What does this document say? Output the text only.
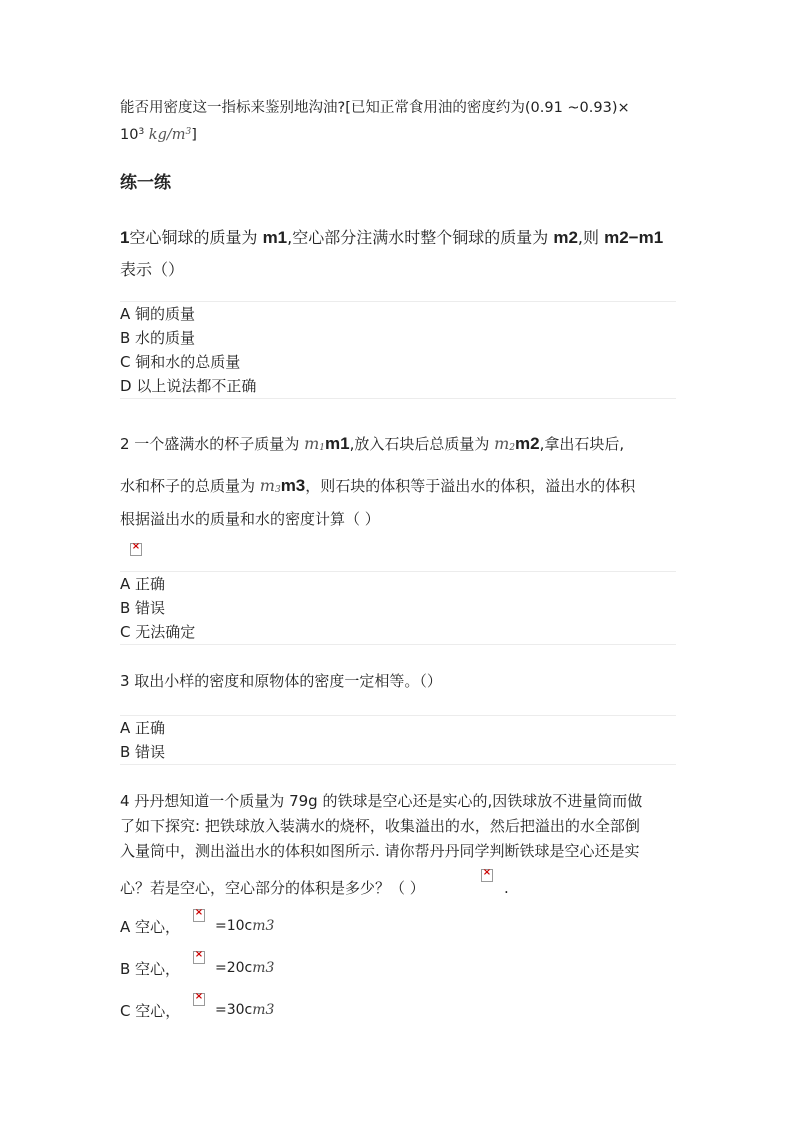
能否用密度这一指标来鉴别地沟油?[已知正常食用油的密度约为(0.91 ~0.93)×
$10^3$ $kg/m^3$]
练一练
1空心铜球的质量为 m1,空心部分注满水时整个铜球的质量为 m2,则 m2−m1
表示（）
A 铜的质量
B 水的质量
C 铜和水的总质量
D 以上说法都不正确
2 一个盛满水的杯子质量为 m1m1,放入石块后总质量为 m2m2,拿出石块后,
水和杯子的总质量为 m3m3，则石块的体积等于溢出水的体积，溢出水的体积
根据溢出水的质量和水的密度计算（ ）
×
A 正确
B 错误
C 无法确定
3 取出小样的密度和原物体的密度一定相等。（）
A 正确
B 错误
4 丹丹想知道一个质量为 79g 的铁球是空心还是实心的,因铁球放不进量筒而做
了如下探究: 把铁球放入装满水的烧杯，收集溢出的水，然后把溢出的水全部倒
入量筒中，测出溢出水的体积如图所示. 请你帮丹丹同学判断铁球是空心还是实
心？若是空心，空心部分的体积是多少？（ ）
×
.
A 空心，
×
=10cm3
B 空心，
×
=20cm3
C 空心，
×
=30cm3
